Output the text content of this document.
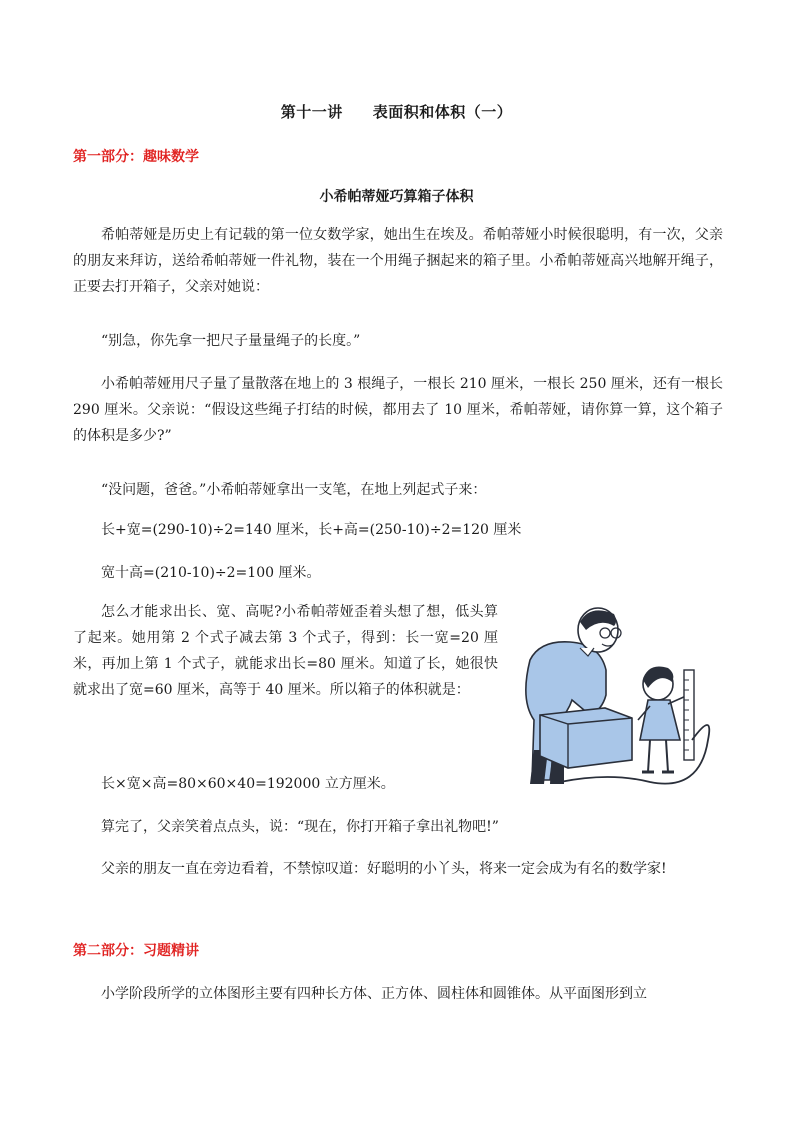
第十一讲 表面积和体积（一）
第一部分：趣味数学
小希帕蒂娅巧算箱子体积
希帕蒂娅是历史上有记载的第一位女数学家，她出生在埃及。希帕蒂娅小时候很聪明，有一次，父亲的朋友来拜访，送给希帕蒂娅一件礼物，装在一个用绳子捆起来的箱子里。小希帕蒂娅高兴地解开绳子，正要去打开箱子，父亲对她说：
“别急，你先拿一把尺子量量绳子的长度。”
小希帕蒂娅用尺子量了量散落在地上的 3 根绳子，一根长 210 厘米，一根长 250 厘米，还有一根长 290 厘米。父亲说：“假设这些绳子打结的时候，都用去了 10 厘米，希帕蒂娅，请你算一算，这个箱子的体积是多少?”
“没问题，爸爸。”小希帕蒂娅拿出一支笔，在地上列起式子来：
长+宽=(290-10)÷2=140 厘米，长+高=(250-10)÷2=120 厘米
宽十高=(210-10)÷2=100 厘米。
怎么才能求出长、宽、高呢?小希帕蒂娅歪着头想了想，低头算了起来。她用第 2 个式子减去第 3 个式子，得到：长一宽=20 厘米，再加上第 1 个式子，就能求出长=80 厘米。知道了长，她很快就求出了宽=60 厘米，高等于 40 厘米。所以箱子的体积就是：
长×宽×高=80×60×40=192000 立方厘米。
算完了，父亲笑着点点头，说：“现在，你打开箱子拿出礼物吧!”
父亲的朋友一直在旁边看着，不禁惊叹道：好聪明的小丫头，将来一定会成为有名的数学家!
第二部分：习题精讲
小学阶段所学的立体图形主要有四种长方体、正方体、圆柱体和圆锥体。从平面图形到立
